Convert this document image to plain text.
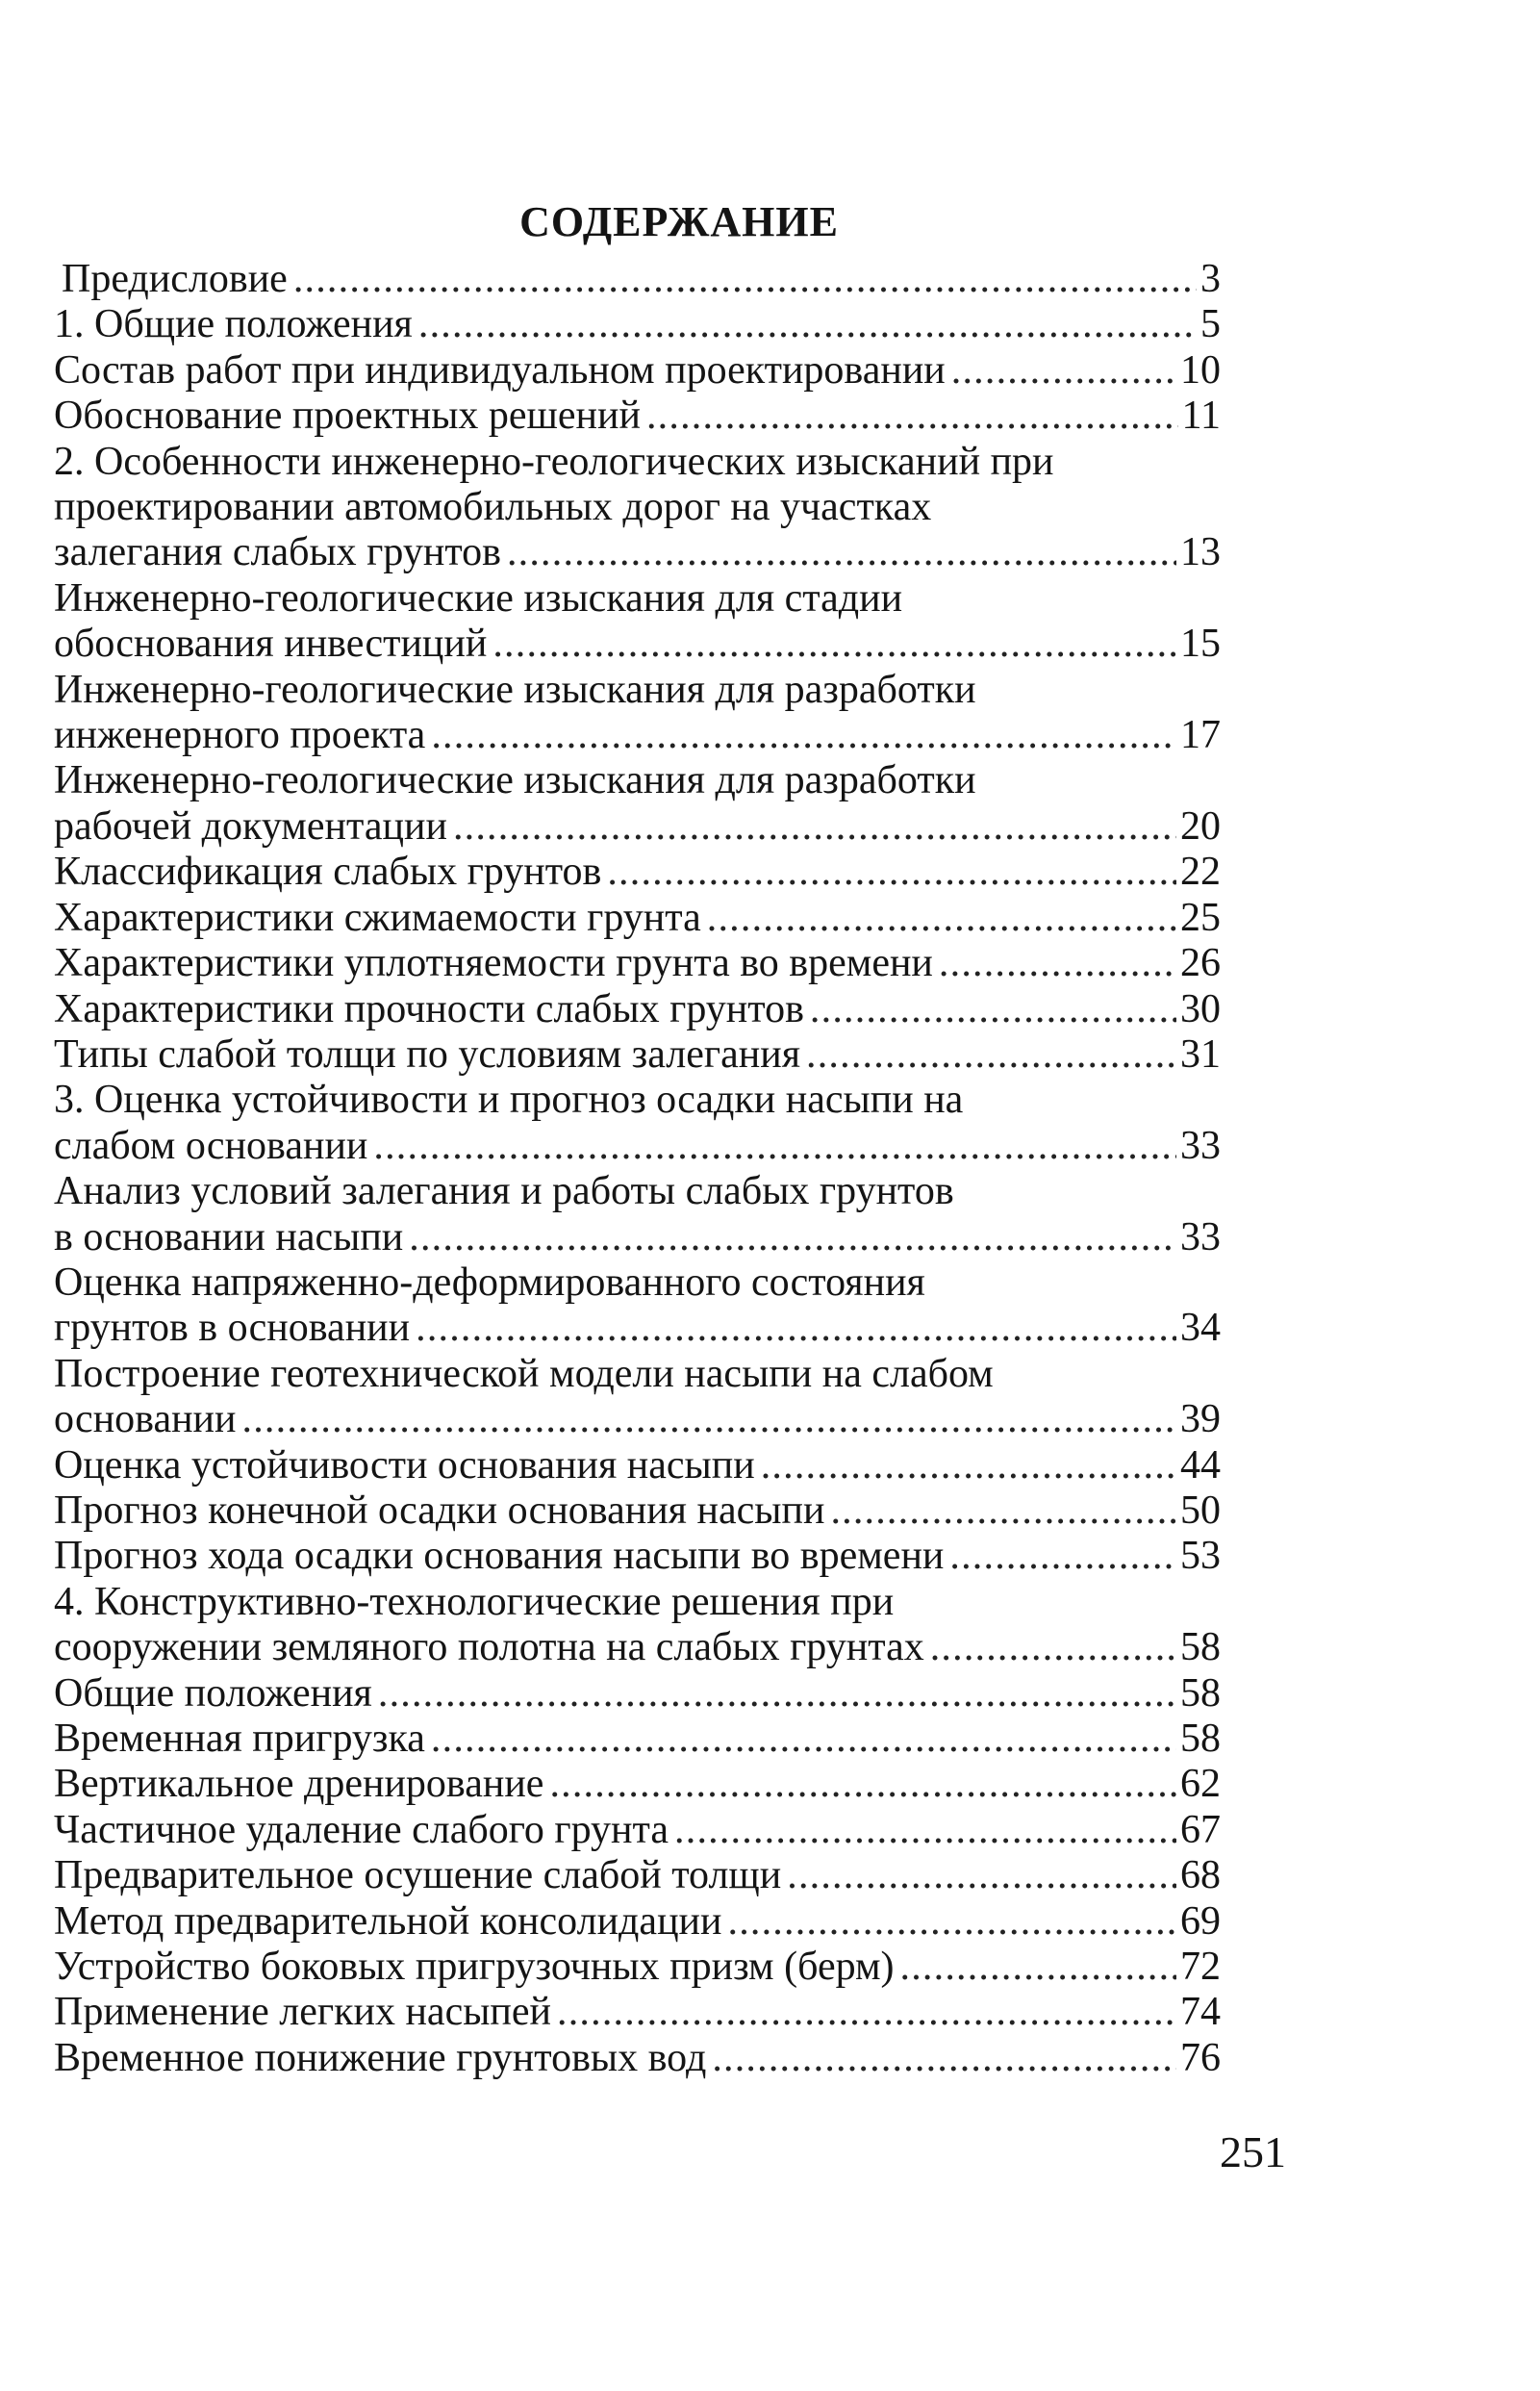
СОДЕРЖАНИЕ
Предисловие .....	3
1. Общие положения .....	5
Состав работ при индивидуальном проектировании .....	10
Обоснование проектных решений .....	11
2. Особенности инженерно-геологических изысканий при
проектировании автомобильных дорог на участках
залегания слабых грунтов .....	13
Инженерно-геологические изыскания для стадии
обоснования инвестиций .....	15
Инженерно-геологические изыскания для разработки
инженерного проекта .....	17
Инженерно-геологические изыскания для разработки
рабочей документации .....	20
Классификация слабых грунтов .....	22
Характеристики сжимаемости грунта .....	25
Характеристики уплотняемости грунта во времени .....	26
Характеристики прочности слабых грунтов .....	30
Типы слабой толщи по условиям залегания .....	31
3. Оценка устойчивости и прогноз осадки насыпи на
слабом основании .....	33
Анализ условий залегания и работы слабых грунтов
в основании насыпи .....	33
Оценка напряженно-деформированного состояния
грунтов в основании .....	34
Построение геотехнической модели насыпи на слабом
основании .....	39
Оценка устойчивости основания насыпи .....	44
Прогноз конечной осадки основания насыпи .....	50
Прогноз хода осадки основания насыпи во времени .....	53
4. Конструктивно-технологические решения при
сооружении земляного полотна на слабых грунтах .....	58
Общие положения .....	58
Временная пригрузка .....	58
Вертикальное дренирование .....	62
Частичное удаление слабого грунта .....	67
Предварительное осушение слабой толщи .....	68
Метод предварительной консолидации .....	69
Устройство боковых пригрузочных призм (берм) .....	72
Применение легких насыпей .....	74
Временное понижение грунтовых вод .....	76
251
